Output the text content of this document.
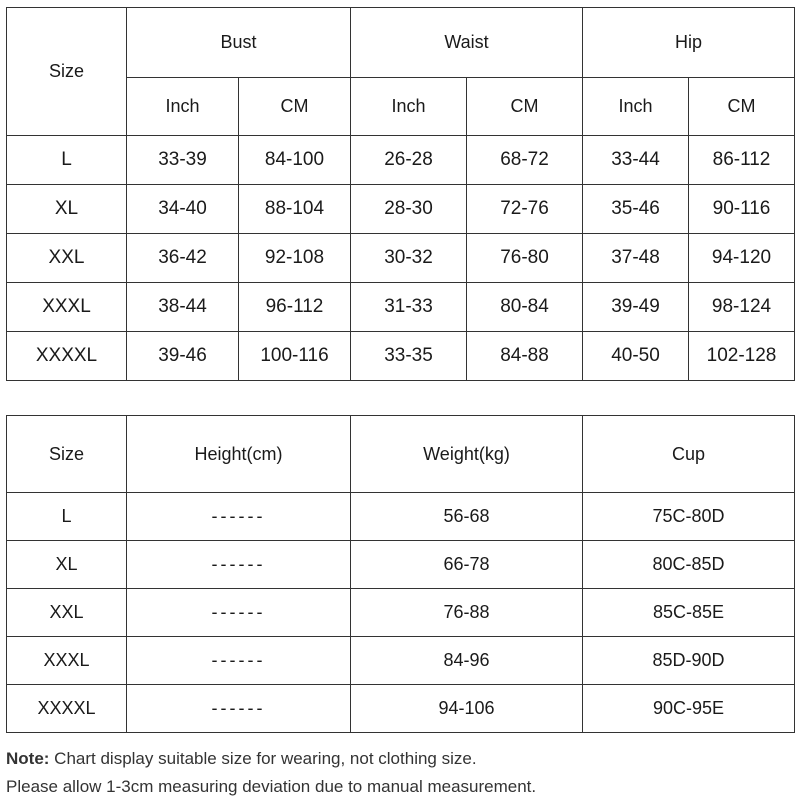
Size	Bust		Waist		Hip	
	Inch	CM	Inch	CM	Inch	CM
L	33-39	84-100	26-28	68-72	33-44	86-112
XL	34-40	88-104	28-30	72-76	35-46	90-116
XXL	36-42	92-108	30-32	76-80	37-48	94-120
XXXL	38-44	96-112	31-33	80-84	39-49	98-124
XXXXL	39-46	100-116	33-35	84-88	40-50	102-128
Size	Height(cm)	Weight(kg)	Cup
L	------	56-68	75C-80D
XL	------	66-78	80C-85D
XXL	------	76-88	85C-85E
XXXL	------	84-96	85D-90D
XXXXL	------	94-106	90C-95E
Note: Chart display suitable size for wearing, not clothing size.
Please allow 1-3cm measuring deviation due to manual measurement.
